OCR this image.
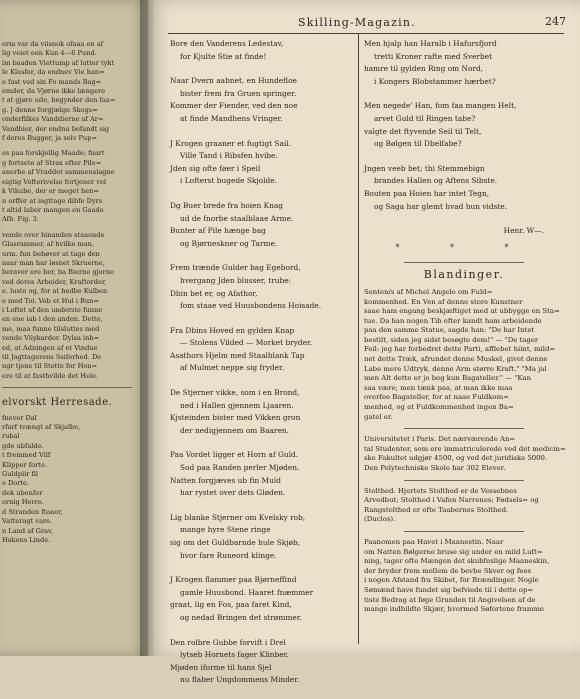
erm var da viisnok ofaaa en af
lig veiet een Kun 4—6 Pund.
im baaden Viettump af lutter tykt
le Klasfer, da endnev Vie han=
e fast ved sin Fo mands Bag=
emder, da Vjørne ikke længere
t at gjøre ude, begynder den faa=
g. J denne forgjælge Skogs=
onderfilkes Vanddierne af Ar=
Vandbier, der endnu befandt sig
f deres Bugger, ja selv Pup=
es paa forskjellig Maade; fnart
g fortsete af Strax efter Pile=
anerbe af Vraddet sammenslagne
eigtig Vefterivelse fortjener vel
k Vikube, der er meget hen=
n orffer at iagttage dibfe Dyrs
t altid laber mangen en Gaade
Afb. Fig. 3.
vende over hinanden staaende
Glasrammer, af hvilke man,
urm. fun behøver at tage den
naar man har løsnet Skruerne,
beraver ere ber, ba Bierne gjerne
ved deres Arbeider, Kraftorder,
e. luste og, for at hedbe Kulben
e med Toi. Veb et Hul i Bun=
i Loftet af den underste funne
en ene iab i den anden. Dette,
me, maa funne tilsluttes med
vende Vilykarder. Dylsa inb=
ed, at Adningen af et Vindue
til Jagttagerens Ssiferhed. De
ngr tjene til Stotte for Hon=
ere til at fasthvilde det Hele.
elvorskt Herresade.
fnever Dal
rfarf tvængt af Skjalbe,
rubal
gde ubfalde.
t fremmed Vilf
Klipper forte.
Guldpiir fil
e Dorte.
dek ubenfor
ornig Herre.
d Stranden ftaaer,
Vatteragt vare.
n Land af Grav,
Hakens Linde.
Skilling-Magazin.	247
Bore den Vanderens Ledestav,
for Kjulte Stie at finde!
Naar Dvern aabnet, en Hundefloe
bister frem fra Gruen springer.
Kommer der Fiender, ved den noe
at finde Mandhens Vringer.
J Krogen graaner et fugtigt Sail.
Ville Tand i Ribsfen hvibe.
Jden sig ofte føer i Speil
i Lofterst bugede Skjolde.
Dg Buer brede fra hoien Knag
ud de fnorbe staalblaae Arme.
Bunter af Pile hænge bag
og Bjørneskner og Tarme.
Frem trænde Gulder bag Egebord,
hvergang Jden blusser, trube:
Dbin bet er, og Afathor,
fom staae ved Huusbondens Hoisade.
Fra Dbins Hoved en gylden Knap
— Stolens Vilded — Morket bryder.
Asathors Hjelm med Staalblank Tap
af Mulmet neppe sig fryder.
De Stjerner vikke, som i en Brond,
ned i Hallen gjennem Ljaaren.
Kjsteinden bister med Vikken gron
der nedigjennem om Baaren.
Paa Vordet ligger et Horn af Guld.
Sod paa Randen perler Mjøden.
Natten forgjæves ub fin Muld
har rystet over dets Gløden.
Lig blanke Stjerner om Kvelsky rob,
mange hyre Stene ringe
sig om det Guldbarnde hule Skjøb,
hvor fare Runeord klinge.
J Krogen flammer paa Bjørneffind
gamle Huusbond. Haaret fnæmmer
graat, lig en Fos, paa faret Kind,
og nedad Bringen det strømmer.
Den rolbre Gubbe forvift i Drel
lytseb Hornets fager Klinber.
Mjøden iforme til hans Sjel
nu flaber Ungdommens Minder.
Men hjalp han Haralb i Hafursfjord
tretti Kroner rafte med Sverbet
hamre til gylden Ring om Nord,
i Kongers Blobstammer hærbet?
Men negede' Han, fom faa mangen Helt,
arvet Guld til Ringen tabe?
valgte det ftyvende Seil til Telt,
og Bølgen til Dbelfabe?
Jngen veeb bet; thi Stemmebign
brandes Hallen og Aftens Sibste.
Bouten paa Hoien har intet Tegn,
og Saga har glemt hvad hun vidste.
Henr. W—.
* * *
Blandinger.
Senten/s af Michel Angelo om Fuld=
kommenhed. En Ven af denne store Kunstner
saae ham engang beskjæftiget med at ubbygge en Sta=
tue. Da han nogen Tib efter kandt ham arbeidende
paa den samme Statue, sagde han: "De har Intet
bestilt, siden jeg sidst besøgte dem!" — "De tager
Feil: jeg har forbedret dette Parti, afflebet hiint, mild=
net dette Træk, afrundet denne Muskel, givet denne
Labe mere Udtryk, denne Arm større Kraft." "Ma jal
men Alt dette er jo beg kun Bagateller." — "Kan
saa være; men tænk paa, at man ikke maa
overfee Bagateller, for at naae Fuldkom=
menhed, og at Fuldkommenhed ingen Ba=
gatel er.
Universitetet i Paris. Det nærværende An=
tal Studenter, som ere immatriculerede ved det medicin=
ske Fakultet udgjør 4500, og ved det juridiske 5000.
Den Polytechniske Skole har 302 Elever.
Stolthed. Hjertets Stolthed er de Vessebnes
Arvedbut; Stolthed i Vafen Narrenes; Fødsels= og
Rangstolthed er ofte Taabernes Stolthed.
(Duclos).
Paanomen paa Havet i Maanestin. Naar
om Natten Bølgerne bruse sig under en mild Luft=
ning, tager ofte Mængen det skubfeslige Maaneskin,
der bryder frem mellem de bevbe Skver og fees
i nogen Afstand fra Skibet, for Brændinger. Nogle
Sømænd have fundet sig befviede til i dette op=
tiste Bedrag at føge Grunden til Angivelsen af de
mange indbildte Skjær, hvormed Søfortene framme
